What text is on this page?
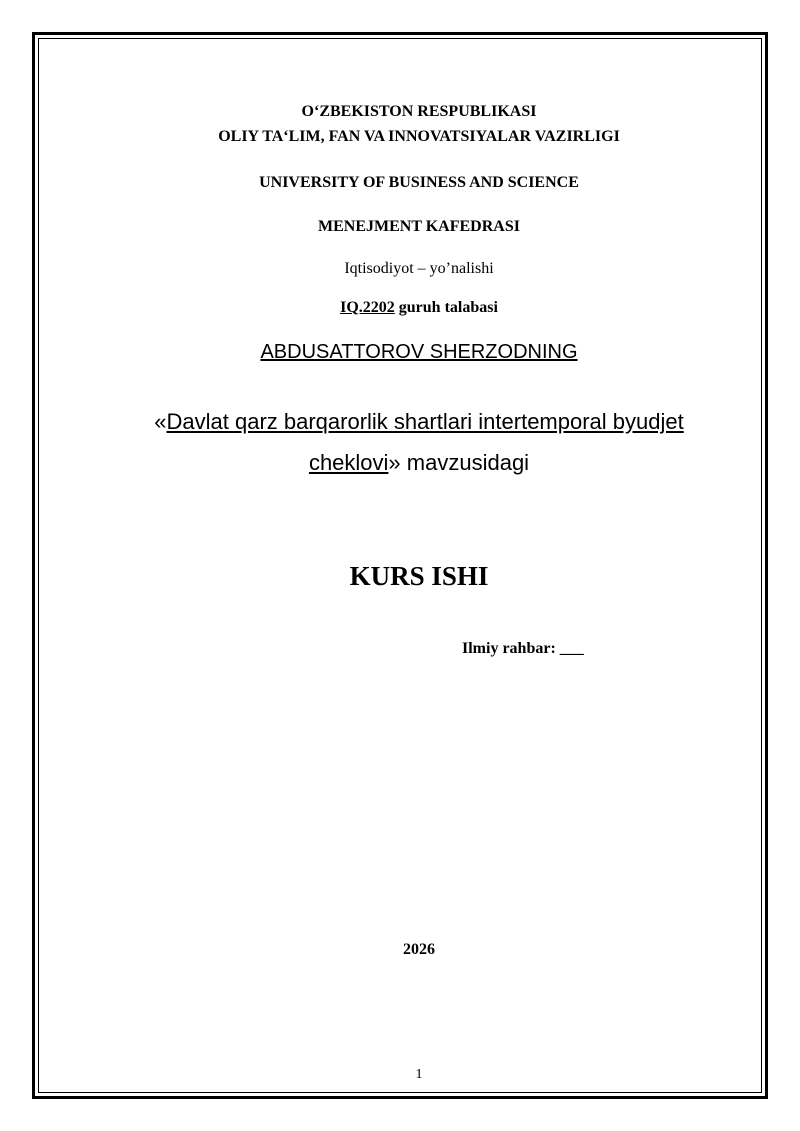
O‘ZBEKISTON RESPUBLIKASI
OLIY TA‘LIM, FAN VA INNOVATSIYALAR VAZIRLIGI
UNIVERSITY OF BUSINESS AND SCIENCE
MENEJMENT KAFEDRASI
Iqtisodiyot – yo’nalishi
IQ.2202 guruh talabasi
ABDUSATTOROV SHERZODNING
«Davlat qarz barqarorlik shartlari intertemporal byudjet
cheklovi» mavzusidagi
KURS ISHI
Ilmiy rahbar: ___
2026
1
